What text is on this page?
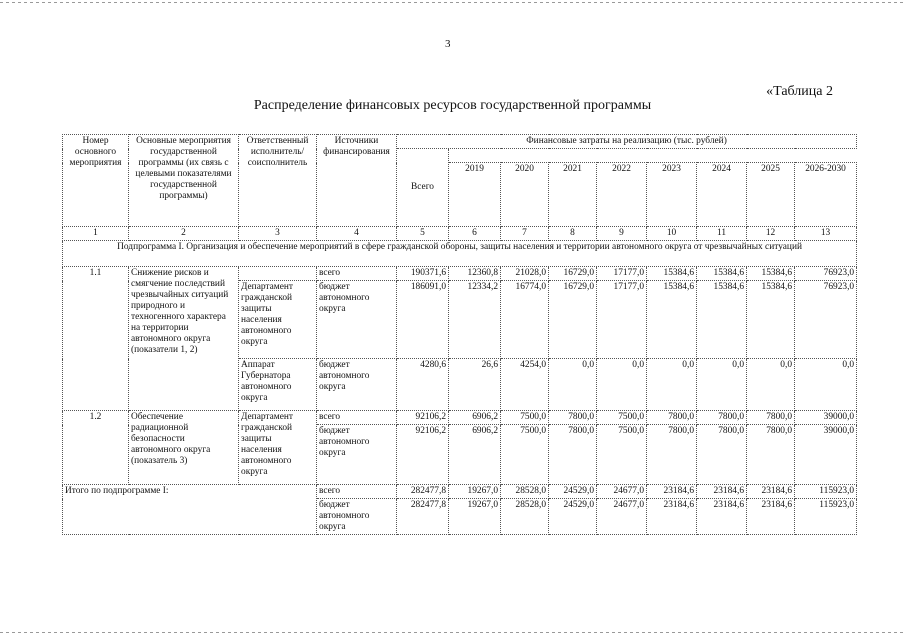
3
«Таблица 2
Распределение финансовых ресурсов государственной программы
Номер основного мероприятия	Основные мероприятия государственной программы (их связь с целевыми показателями государственной программы)	Ответственный исполнитель/ соисполнитель	Источники финансирования	Финансовые затраты на реализацию (тыс. рублей)								
				Всего								
					2019	2020	2021	2022	2023	2024	2025	2026-2030
1	2	3	4	5	6	7	8	9	10	11	12	13
Подпрограмма I. Организация и обеспечение мероприятий в сфере гражданской обороны, защиты населения и территории автономного округа от чрезвычайных ситуаций												
1.1	Снижение рисков и смягчение последствий чрезвычайных ситуаций природного и техногенного характера на территории автономного округа (показатели 1, 2)		всего	190371,6	12360,8	21028,0	16729,0	17177,0	15384,6	15384,6	15384,6	76923,0
		Департамент гражданской защиты населения автономного округа	бюджет автономного округа	186091,0	12334,2	16774,0	16729,0	17177,0	15384,6	15384,6	15384,6	76923,0
		Аппарат Губернатора автономного округа	бюджет автономного округа	4280,6	26,6	4254,0	0,0	0,0	0,0	0,0	0,0	0,0
1.2	Обеспечение радиационной безопасности автономного округа (показатель 3)	Департамент гражданской защиты населения автономного округа	всего	92106,2	6906,2	7500,0	7800,0	7500,0	7800,0	7800,0	7800,0	39000,0
			бюджет автономного округа	92106,2	6906,2	7500,0	7800,0	7500,0	7800,0	7800,0	7800,0	39000,0
Итого по подпрограмме I:			всего	282477,8	19267,0	28528,0	24529,0	24677,0	23184,6	23184,6	23184,6	115923,0
			бюджет автономного округа	282477,8	19267,0	28528,0	24529,0	24677,0	23184,6	23184,6	23184,6	115923,0
